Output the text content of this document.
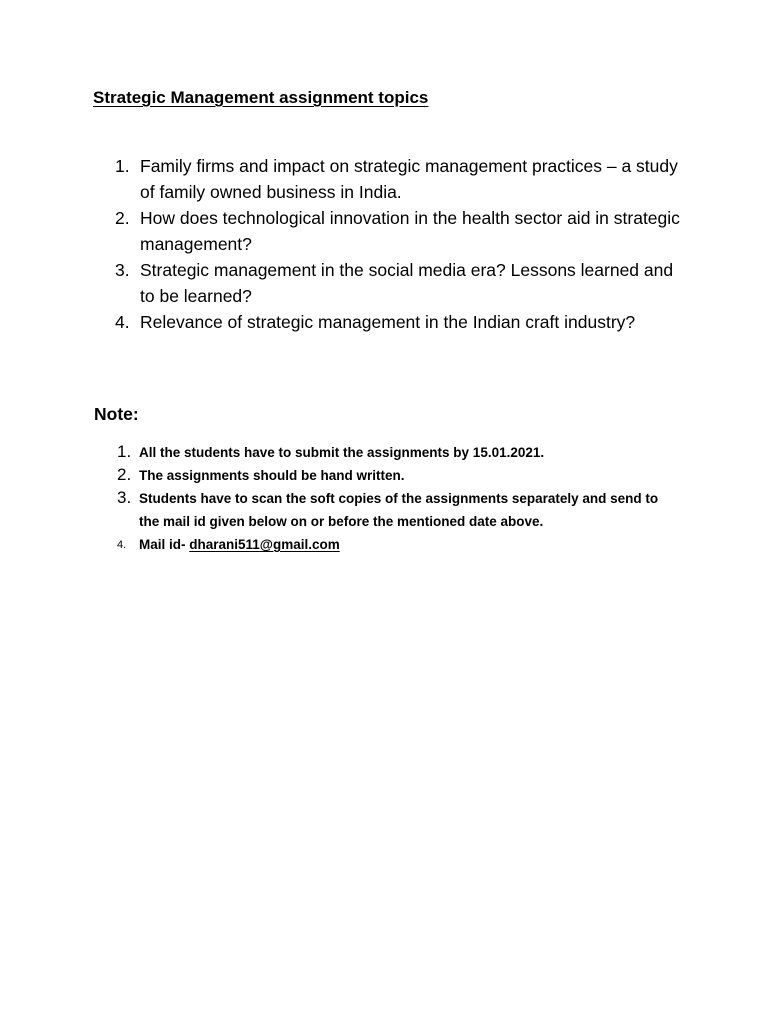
Strategic Management assignment topics
1. Family firms and impact on strategic management practices – a study of family owned business in India.
2. How does technological innovation in the health sector aid in strategic management?
3. Strategic management in the social media era? Lessons learned and to be learned?
4. Relevance of strategic management in the Indian craft industry?
Note:
1. All the students have to submit the assignments by 15.01.2021.
2. The assignments should be hand written.
3. Students have to scan the soft copies of the assignments separately and send to the mail id given below on or before the mentioned date above.
4. Mail id- dharani511@gmail.com
